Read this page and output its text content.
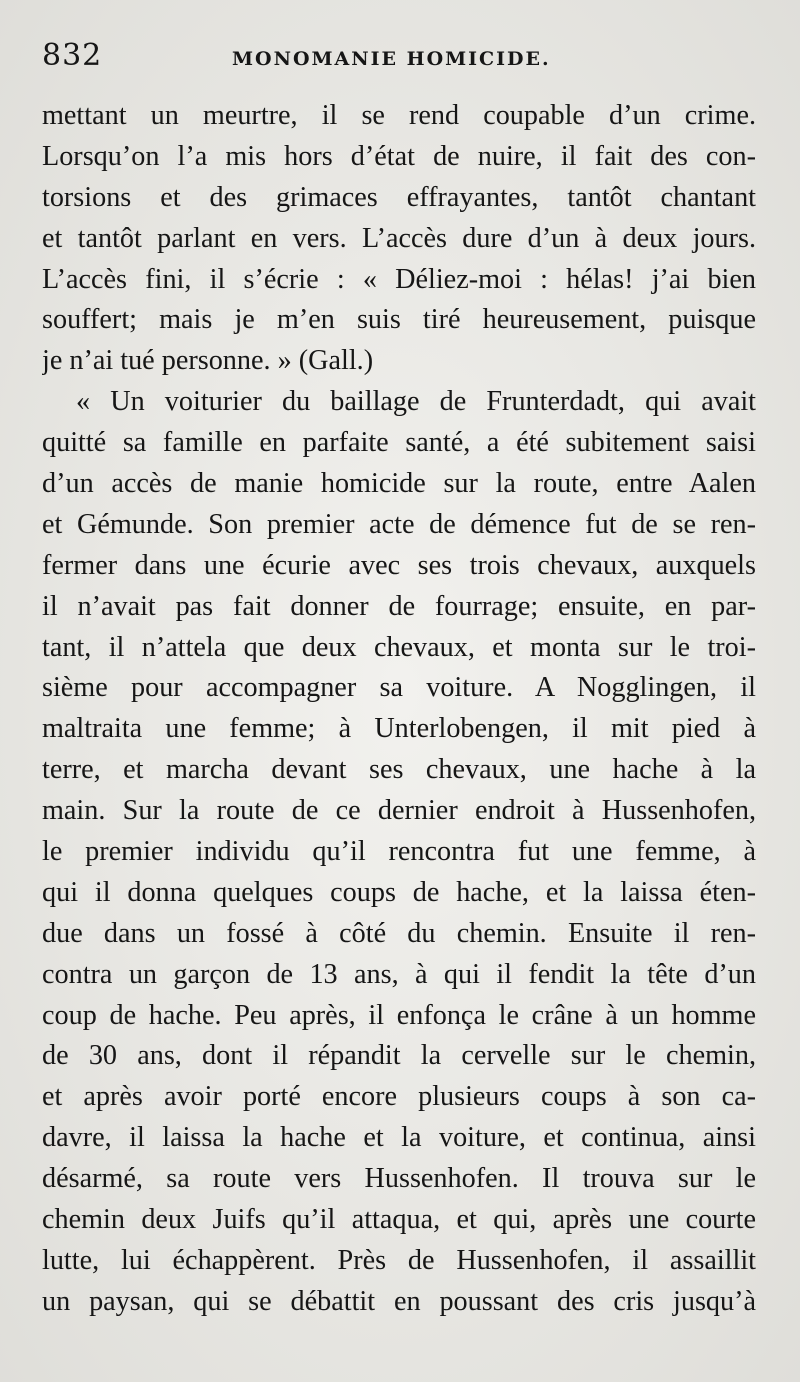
832	MONOMANIE HOMICIDE.
mettant un meurtre, il se rend coupable d’un crime.
Lorsqu’on l’a mis hors d’état de nuire, il fait des con-
torsions et des grimaces effrayantes, tantôt chantant
et tantôt parlant en vers. L’accès dure d’un à deux jours.
L’accès fini, il s’écrie : « Déliez-moi : hélas! j’ai bien
souffert; mais je m’en suis tiré heureusement, puisque
je n’ai tué personne. » (Gall.)
« Un voiturier du baillage de Frunterdadt, qui avait
quitté sa famille en parfaite santé, a été subitement saisi
d’un accès de manie homicide sur la route, entre Aalen
et Gémunde. Son premier acte de démence fut de se ren-
fermer dans une écurie avec ses trois chevaux, auxquels
il n’avait pas fait donner de fourrage; ensuite, en par-
tant, il n’attela que deux chevaux, et monta sur le troi-
sième pour accompagner sa voiture. A Nogglingen, il
maltraita une femme; à Unterlobengen, il mit pied à
terre, et marcha devant ses chevaux, une hache à la
main. Sur la route de ce dernier endroit à Hussenhofen,
le premier individu qu’il rencontra fut une femme, à
qui il donna quelques coups de hache, et la laissa éten-
due dans un fossé à côté du chemin. Ensuite il ren-
contra un garçon de 13 ans, à qui il fendit la tête d’un
coup de hache. Peu après, il enfonça le crâne à un homme
de 30 ans, dont il répandit la cervelle sur le chemin,
et après avoir porté encore plusieurs coups à son ca-
davre, il laissa la hache et la voiture, et continua, ainsi
désarmé, sa route vers Hussenhofen. Il trouva sur le
chemin deux Juifs qu’il attaqua, et qui, après une courte
lutte, lui échappèrent. Près de Hussenhofen, il assaillit
un paysan, qui se débattit en poussant des cris jusqu’à
